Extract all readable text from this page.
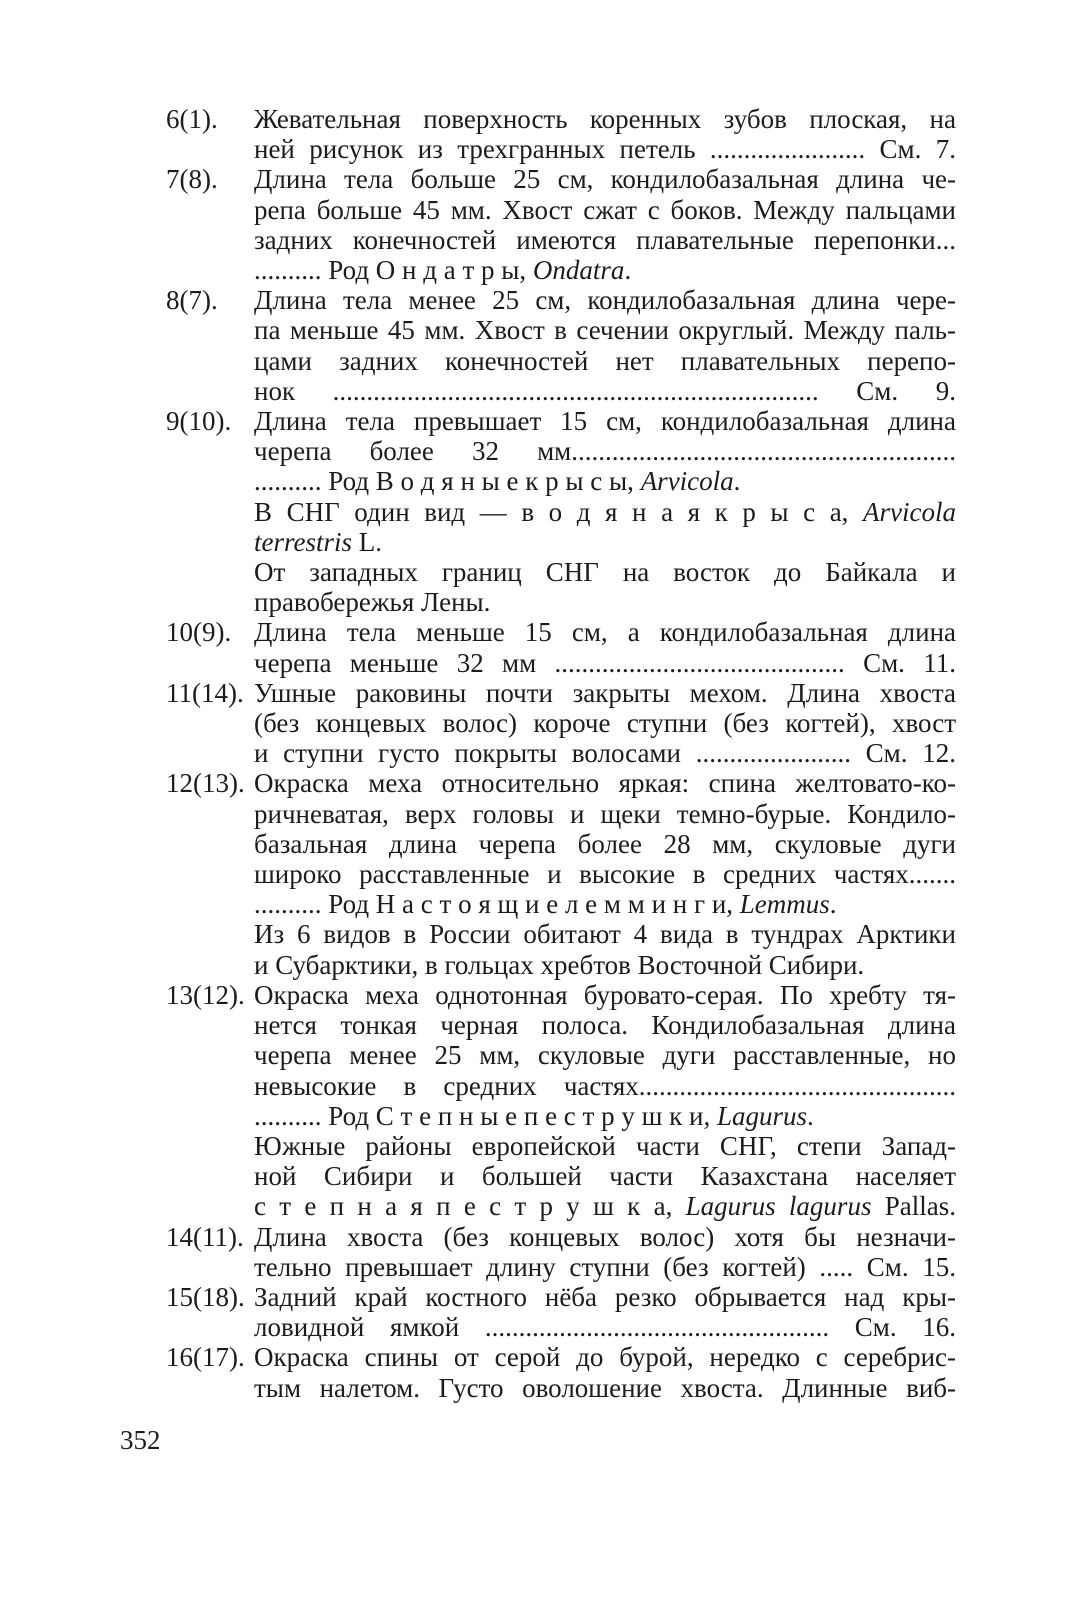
6(1).	Жевательная поверхность коренных зубов плоская, на
ней рисунок из трехгранных петель ....................... См. 7.
7(8).	Длина тела больше 25 см, кондилобазальная длина че-
репа больше 45 мм. Хвост сжат с боков. Между пальцами
задних конечностей имеются плавательные перепонки...
.......... Род О н д а т р ы, Ondatra.
8(7).	Длина тела менее 25 см, кондилобазальная длина чере-
па меньше 45 мм. Хвост в сечении округлый. Между паль-
цами задних конечностей нет плавательных перепо-
нок ........................................................................ См. 9.
9(10). Длина тела превышает 15 см, кондилобазальная длина
черепа более 32 мм.........................................................
.......... Род В о д я н ы е к р ы с ы, Arvicola.
В СНГ один вид — в о д я н а я к р ы с а, Arvicola
terrestris L.
От западных границ СНГ на восток до Байкала и
правобережья Лены.
10(9). Длина тела меньше 15 см, а кондилобазальная длина
черепа меньше 32 мм ........................................... См. 11.
11(14). Ушные раковины почти закрыты мехом. Длина хвоста
(без концевых волос) короче ступни (без когтей), хвост
и ступни густо покрыты волосами ....................... См. 12.
12(13). Окраска меха относительно яркая: спина желтовато-ко-
ричневатая, верх головы и щеки темно-бурые. Кондило-
базальная длина черепа более 28 мм, скуловые дуги
широко расставленные и высокие в средних частях.......
.......... Род Н а с т о я щ и е л е м м и н г и, Lemmus.
Из 6 видов в России обитают 4 вида в тундрах Арктики
и Субарктики, в гольцах хребтов Восточной Сибири.
13(12). Окраска меха однотонная буровато-серая. По хребту тя-
нется тонкая черная полоса. Кондилобазальная длина
черепа менее 25 мм, скуловые дуги расставленные, но
невысокие в средних частях...............................................
.......... Род С т е п н ы е п е с т р у ш к и, Lagurus.
Южные районы европейской части СНГ, степи Запад-
ной Сибири и большей части Казахстана населяет
с т е п н а я п е с т р у ш к а, Lagurus lagurus Pallas.
14(11). Длина хвоста (без концевых волос) хотя бы незначи-
тельно превышает длину ступни (без когтей) ..... См. 15.
15(18). Задний край костного нёба резко обрывается над кры-
ловидной ямкой ................................................... См. 16.
16(17). Окраска спины от серой до бурой, нередко с серебрис-
тым налетом. Густо оволошение хвоста. Длинные виб-
352
